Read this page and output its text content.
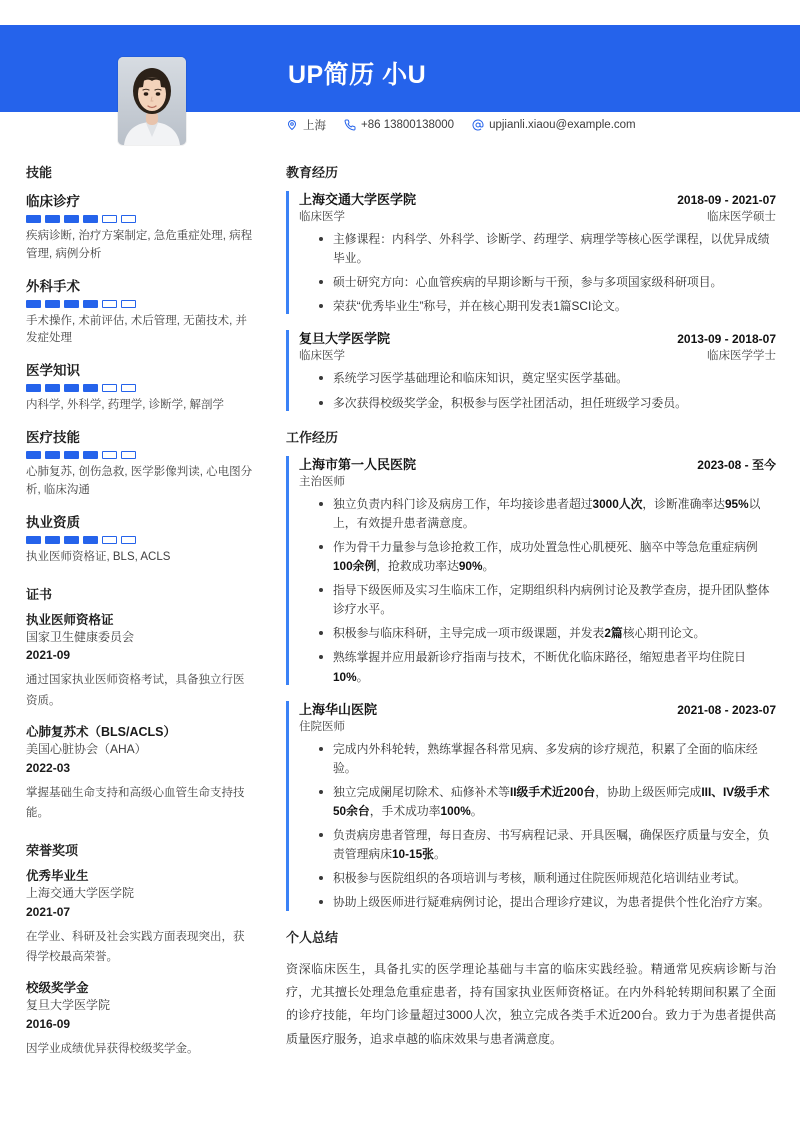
UP简历 小U
上海	+86 13800138000	upjianli.xiaou@example.com
技能
临床诊疗
疾病诊断, 治疗方案制定, 急危重症处理, 病程管理, 病例分析
外科手术
手术操作, 术前评估, 术后管理, 无菌技术, 并发症处理
医学知识
内科学, 外科学, 药理学, 诊断学, 解剖学
医疗技能
心肺复苏, 创伤急救, 医学影像判读, 心电图分析, 临床沟通
执业资质
执业医师资格证, BLS, ACLS
证书
执业医师资格证
国家卫生健康委员会
2021-09
通过国家执业医师资格考试，具备独立行医资质。
心肺复苏术（BLS/ACLS）
美国心脏协会（AHA）
2022-03
掌握基础生命支持和高级心血管生命支持技能。
荣誉奖项
优秀毕业生
上海交通大学医学院
2021-07
在学业、科研及社会实践方面表现突出，获得学校最高荣誉。
校级奖学金
复旦大学医学院
2016-09
因学业成绩优异获得校级奖学金。
教育经历
上海交通大学医学院	2018-09 - 2021-07
临床医学	临床医学硕士
主修课程：内科学、外科学、诊断学、药理学、病理学等核心医学课程，以优异成绩毕业。
硕士研究方向：心血管疾病的早期诊断与干预，参与多项国家级科研项目。
荣获“优秀毕业生”称号，并在核心期刊发表1篇SCI论文。
复旦大学医学院	2013-09 - 2018-07
临床医学	临床医学学士
系统学习医学基础理论和临床知识，奠定坚实医学基础。
多次获得校级奖学金，积极参与医学社团活动，担任班级学习委员。
工作经历
上海市第一人民医院	2023-08 - 至今
主治医师
独立负责内科门诊及病房工作，年均接诊患者超过3000人次，诊断准确率达95%以上，有效提升患者满意度。
作为骨干力量参与急诊抢救工作，成功处置急性心肌梗死、脑卒中等急危重症病例100余例，抢救成功率达90%。
指导下级医师及实习生临床工作，定期组织科内病例讨论及教学查房，提升团队整体诊疗水平。
积极参与临床科研，主导完成一项市级课题，并发表2篇核心期刊论文。
熟练掌握并应用最新诊疗指南与技术，不断优化临床路径，缩短患者平均住院日10%。
上海华山医院	2021-08 - 2023-07
住院医师
完成内外科轮转，熟练掌握各科常见病、多发病的诊疗规范，积累了全面的临床经验。
独立完成阑尾切除术、疝修补术等II级手术近200台，协助上级医师完成III、IV级手术50余台，手术成功率100%。
负责病房患者管理，每日查房、书写病程记录、开具医嘱，确保医疗质量与安全，负责管理病床10-15张。
积极参与医院组织的各项培训与考核，顺利通过住院医师规范化培训结业考试。
协助上级医师进行疑难病例讨论，提出合理诊疗建议，为患者提供个性化治疗方案。
个人总结

资深临床医生，具备扎实的医学理论基础与丰富的临床实践经验。精通常见疾病诊断与治疗，尤其擅长处理急危重症患者，持有国家执业医师资格证。在内外科轮转期间积累了全面的诊疗技能，年均门诊量超过3000人次，独立完成各类手术近200台。致力于为患者提供高质量医疗服务，追求卓越的临床效果与患者满意度。
